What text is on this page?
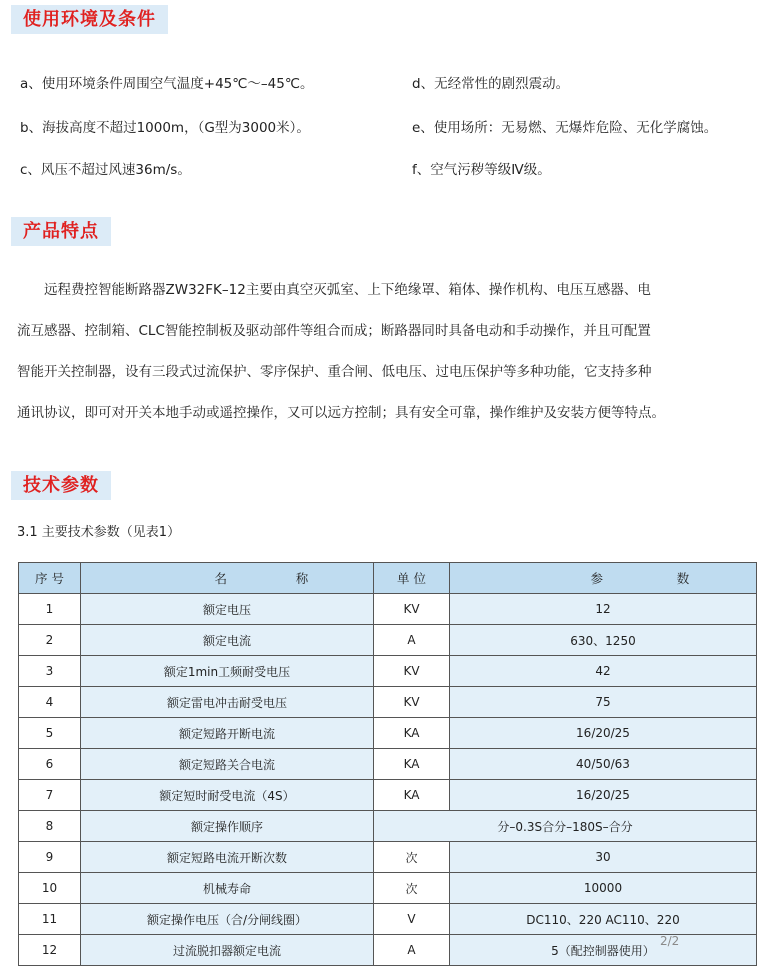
使用环境及条件
a、使用环境条件周围空气温度+45℃～–45℃。
b、海拔高度不超过1000m，（G型为3000米）。
c、风压不超过风速36m/s。
d、无经常性的剧烈震动。
e、使用场所：无易燃、无爆炸危险、无化学腐蚀。
f、空气污秽等级Ⅳ级。
产品特点
　　远程费控智能断路器ZW32FK–12主要由真空灭弧室、上下绝缘罩、箱体、操作机构、电压互感器、电
流互感器、控制箱、CLC智能控制板及驱动部件等组合而成；断路器同时具备电动和手动操作，并且可配置
智能开关控制器，设有三段式过流保护、零序保护、重合闸、低电压、过电压保护等多种功能，它支持多种
通讯协议，即可对开关本地手动或遥控操作，又可以远方控制；具有安全可靠，操作维护及安装方便等特点。
技术参数
3.1 主要技术参数（见表1）
序 号	名 称	单 位	参 数
1	额定电压	KV	12
2	额定电流	A	630、1250
3	额定1min工频耐受电压	KV	42
4	额定雷电冲击耐受电压	KV	75
5	额定短路开断电流	KA	16/20/25
6	额定短路关合电流	KA	40/50/63
7	额定短时耐受电流（4S）	KA	16/20/25
8	额定操作顺序	分–0.3S合分–180S–合分	
9	额定短路电流开断次数	次	30
10	机械寿命	次	10000
11	额定操作电压（合/分闸线圈）	V	DC110、220 AC110、220
12	过流脱扣器额定电流	A	5（配控制器使用）
2/2
